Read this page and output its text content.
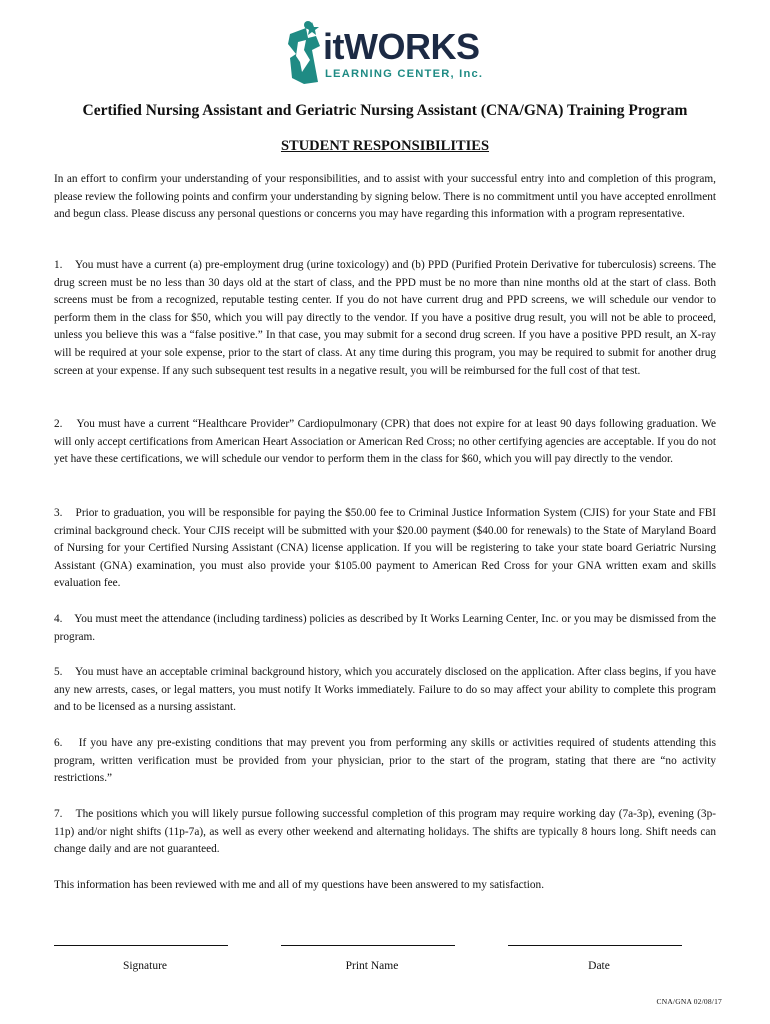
itWORKS
LEARNING CENTER, Inc.
Certified Nursing Assistant and Geriatric Nursing Assistant (CNA/GNA) Training Program
STUDENT RESPONSIBILITIES

In an effort to confirm your understanding of your responsibilities, and to assist with your successful entry into and completion of this program, please review the following points and confirm your understanding by signing below. There is no commitment until you have accepted enrollment and begun class. Please discuss any personal questions or concerns you may have regarding this information with a program representative.

1.    You must have a current (a) pre-employment drug (urine toxicology) and (b) PPD (Purified Protein Derivative for tuberculosis) screens. The drug screen must be no less than 30 days old at the start of class, and the PPD must be no more than nine months old at the start of class. Both screens must be from a recognized, reputable testing center. If you do not have current drug and PPD screens, we will schedule our vendor to perform them in the class for $50, which you will pay directly to the vendor. If you have a positive drug result, you will not be able to proceed, unless you believe this was a “false positive.” In that case, you may submit for a second drug screen. If you have a positive PPD result, an X-ray will be required at your sole expense, prior to the start of class. At any time during this program, you may be required to submit for another drug screen at your expense. If any such subsequent test results in a negative result, you will be reimbursed for the full cost of that test.

2.    You must have a current “Healthcare Provider” Cardiopulmonary (CPR) that does not expire for at least 90 days following graduation. We will only accept certifications from American Heart Association or American Red Cross; no other certifying agencies are acceptable. If you do not yet have these certifications, we will schedule our vendor to perform them in the class for $60, which you will pay directly to the vendor.

3.    Prior to graduation, you will be responsible for paying the $50.00 fee to Criminal Justice Information System (CJIS) for your State and FBI criminal background check. Your CJIS receipt will be submitted with your $20.00 payment ($40.00 for renewals) to the State of Maryland Board of Nursing for your Certified Nursing Assistant (CNA) license application. If you will be registering to take your state board Geriatric Nursing Assistant (GNA) examination, you must also provide your $105.00 payment to American Red Cross for your GNA written exam and skills evaluation fee.

4.    You must meet the attendance (including tardiness) policies as described by It Works Learning Center, Inc. or you may be dismissed from the program.

5.    You must have an acceptable criminal background history, which you accurately disclosed on the application. After class begins, if you have any new arrests, cases, or legal matters, you must notify It Works immediately. Failure to do so may affect your ability to complete this program and to be licensed as a nursing assistant.

6.    If you have any pre-existing conditions that may prevent you from performing any skills or activities required of students attending this program, written verification must be provided from your physician, prior to the start of the program, stating that there are “no activity restrictions.”

7.    The positions which you will likely pursue following successful completion of this program may require working day (7a-3p), evening (3p-11p) and/or night shifts (11p-7a), as well as every other weekend and alternating holidays. The shifts are typically 8 hours long. Shift needs can change daily and are not guaranteed.

This information has been reviewed with me and all of my questions have been answered to my satisfaction.

Signature	Print Name	Date
CNA/GNA 02/08/17
